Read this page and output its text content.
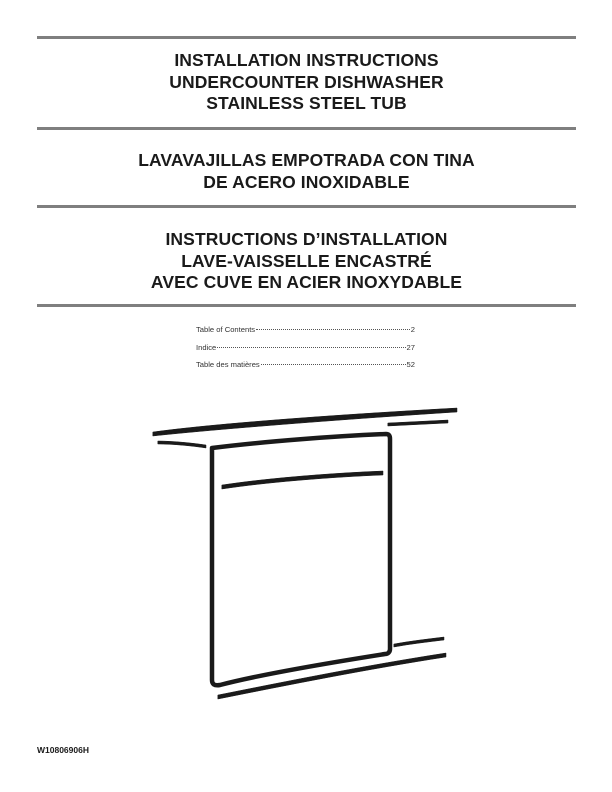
INSTALLATION INSTRUCTIONS
UNDERCOUNTER DISHWASHER
STAINLESS STEEL TUB
LAVAVAJILLAS EMPOTRADA CON TINA
DE ACERO INOXIDABLE
INSTRUCTIONS D’INSTALLATION
LAVE-VAISSELLE ENCASTRÉ
AVEC CUVE EN ACIER INOXYDABLE
Table of Contents	2
Indice	27
Table des matières	52
W10806906H
